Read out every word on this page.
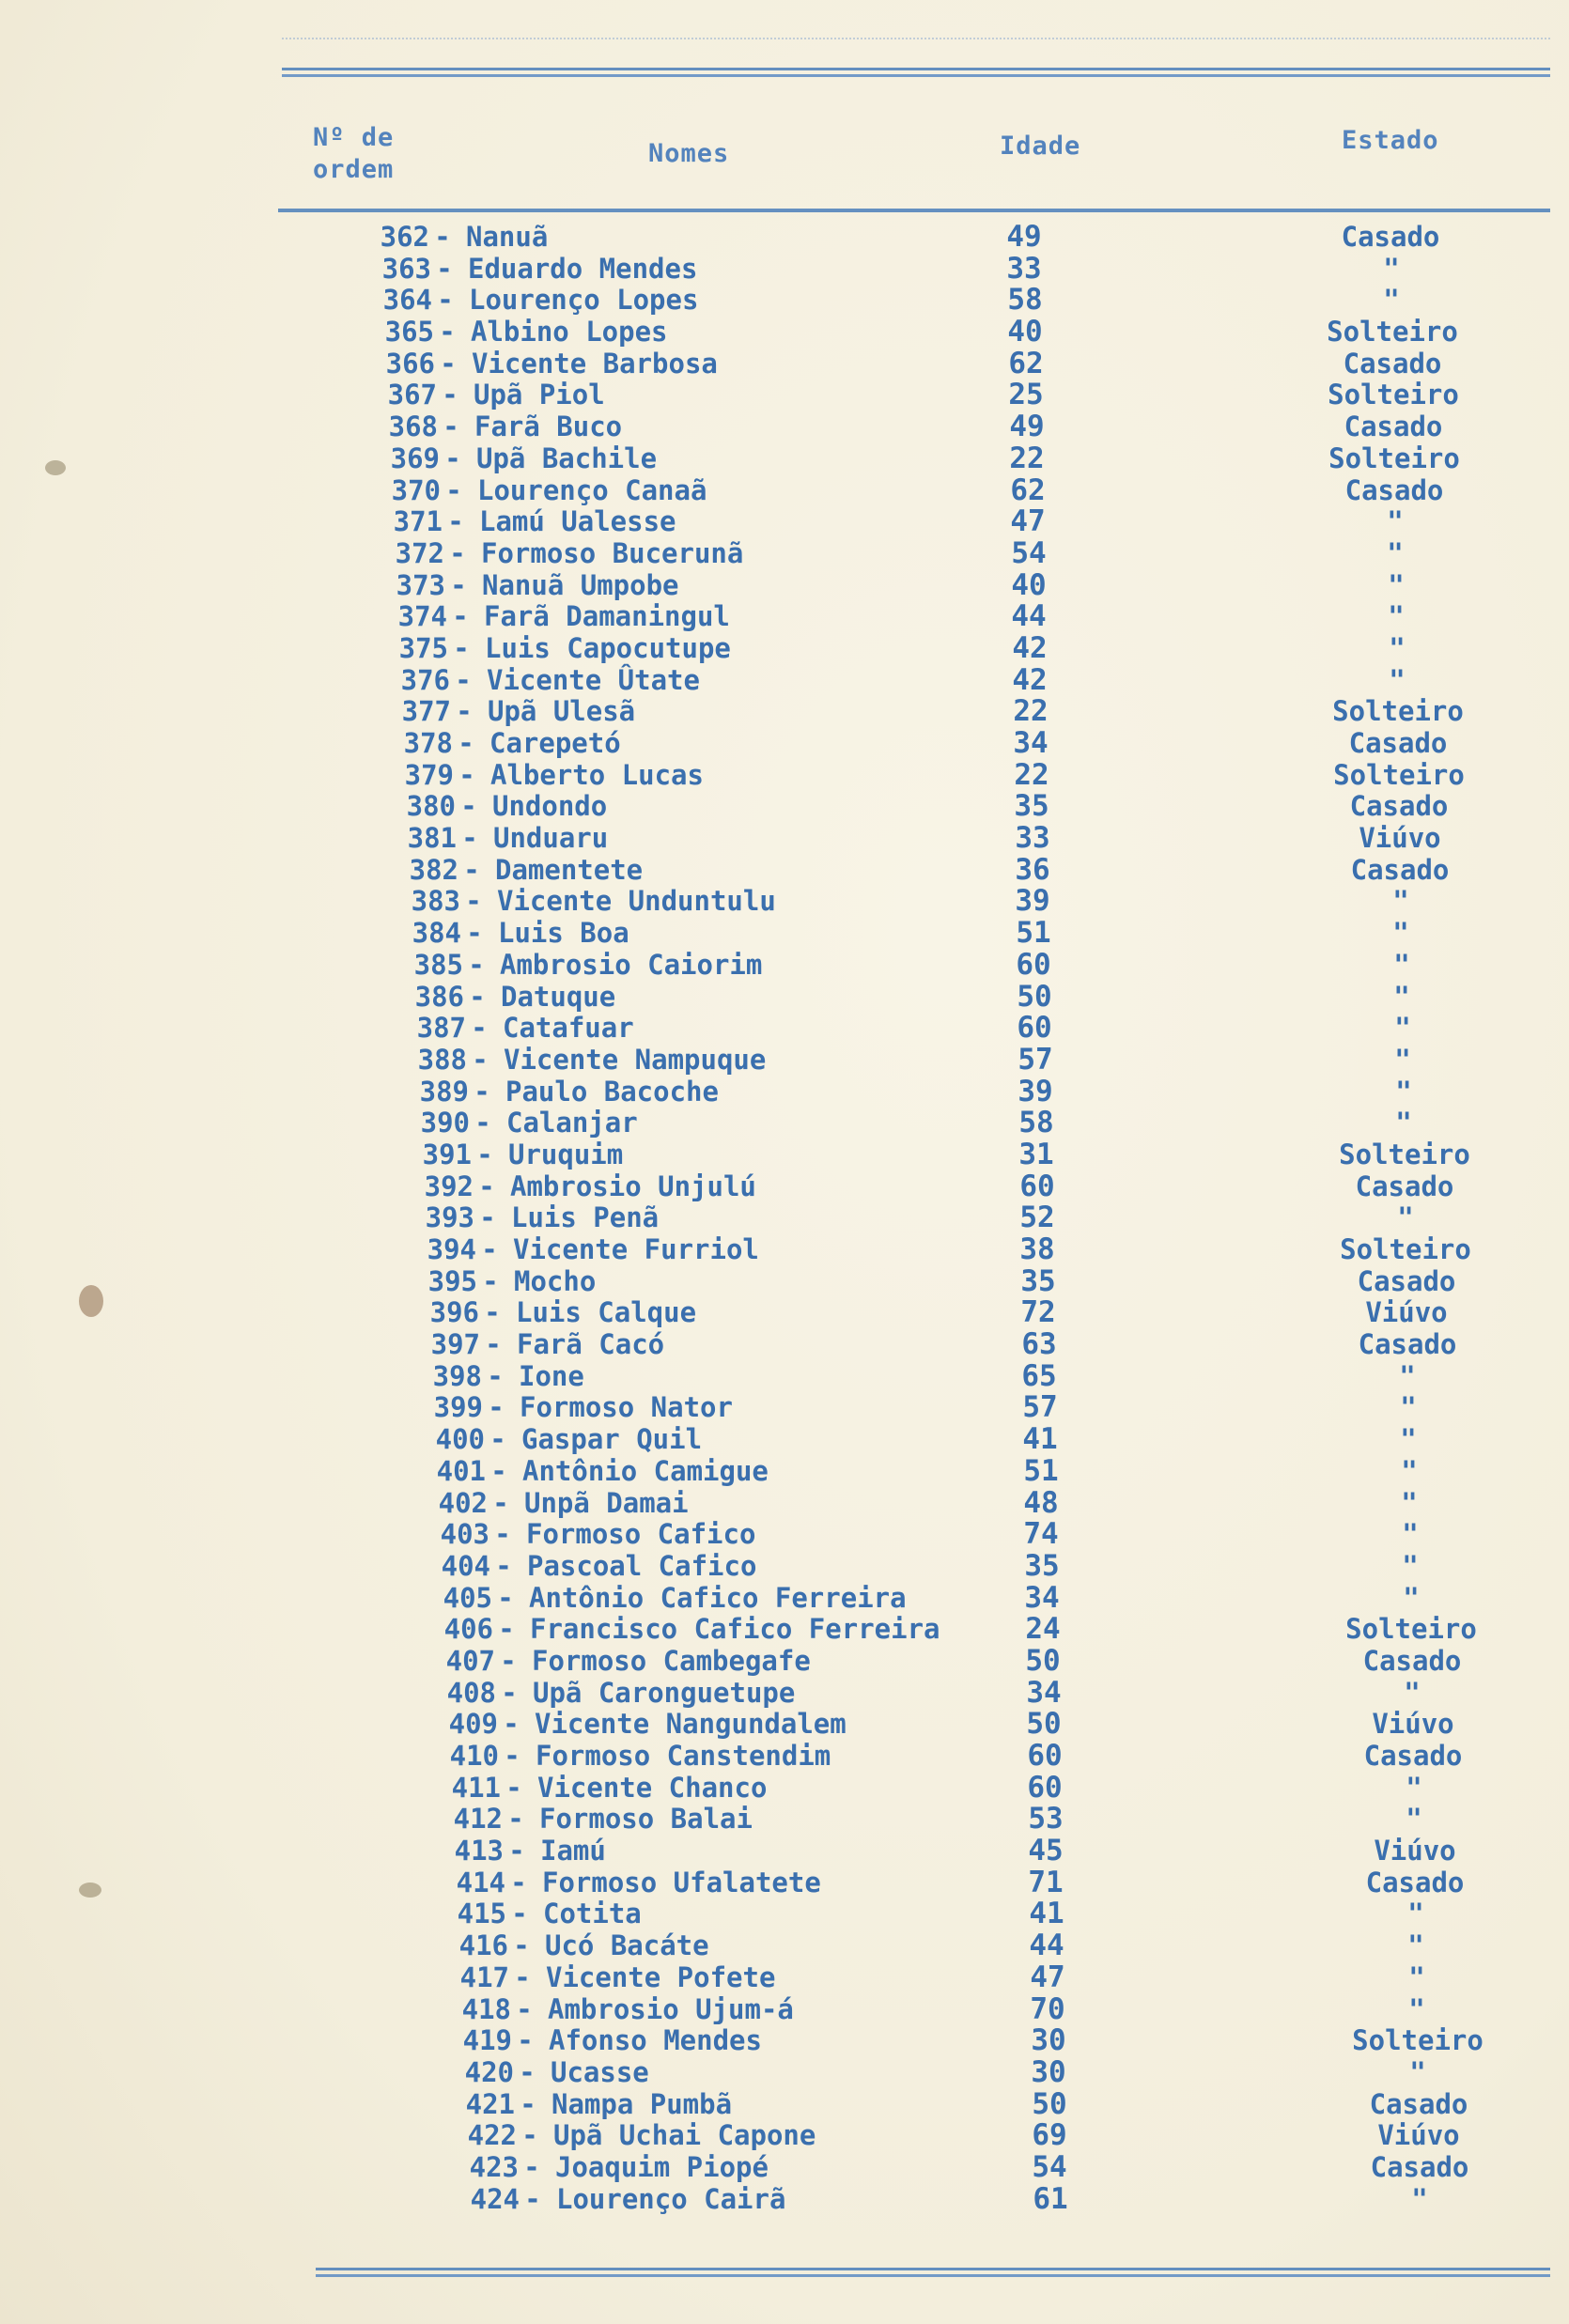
Nº de
ordem
Nomes	Idade	Estado
362 - Nanuã	49	Casado
363 - Eduardo Mendes	33	"
364 - Lourenço Lopes	58	"
365 - Albino Lopes	40	Solteiro
366 - Vicente Barbosa	62	Casado
367 - Upã Piol	25	Solteiro
368 - Farã Buco	49	Casado
369 - Upã Bachile	22	Solteiro
370 - Lourenço Canaã	62	Casado
371 - Lamú Ualesse	47	"
372 - Formoso Bucerunã	54	"
373 - Nanuã Umpobe	40	"
374 - Farã Damaningul	44	"
375 - Luis Capocutupe	42	"
376 - Vicente Ûtate	42	"
377 - Upã Ulesã	22	Solteiro
378 - Carepetó	34	Casado
379 - Alberto Lucas	22	Solteiro
380 - Undondo	35	Casado
381 - Unduaru	33	Viúvo
382 - Damentete	36	Casado
383 - Vicente Unduntulu	39	"
384 - Luis Boa	51	"
385 - Ambrosio Caiorim	60	"
386 - Datuque	50	"
387 - Catafuar	60	"
388 - Vicente Nampuque	57	"
389 - Paulo Bacoche	39	"
390 - Calanjar	58	"
391 - Uruquim	31	Solteiro
392 - Ambrosio Unjulú	60	Casado
393 - Luis Penã	52	"
394 - Vicente Furriol	38	Solteiro
395 - Mocho	35	Casado
396 - Luis Calque	72	Viúvo
397 - Farã Cacó	63	Casado
398 - Ione	65	"
399 - Formoso Nator	57	"
400 - Gaspar Quil	41	"
401 - Antônio Camigue	51	"
402 - Unpã Damai	48	"
403 - Formoso Cafico	74	"
404 - Pascoal Cafico	35	"
405 - Antônio Cafico Ferreira	34	"
406 - Francisco Cafico Ferreira	24	Solteiro
407 - Formoso Cambegafe	50	Casado
408 - Upã Caronguetupe	34	"
409 - Vicente Nangundalem	50	Viúvo
410 - Formoso Canstendim	60	Casado
411 - Vicente Chanco	60	"
412 - Formoso Balai	53	"
413 - Iamú	45	Viúvo
414 - Formoso Ufalatete	71	Casado
415 - Cotita	41	"
416 - Ucó Bacáte	44	"
417 - Vicente Pofete	47	"
418 - Ambrosio Ujum-á	70	"
419 - Afonso Mendes	30	Solteiro
420 - Ucasse	30	"
421 - Nampa Pumbã	50	Casado
422 - Upã Uchai Capone	69	Viúvo
423 - Joaquim Piopé	54	Casado
424 - Lourenço Cairã	61	"
